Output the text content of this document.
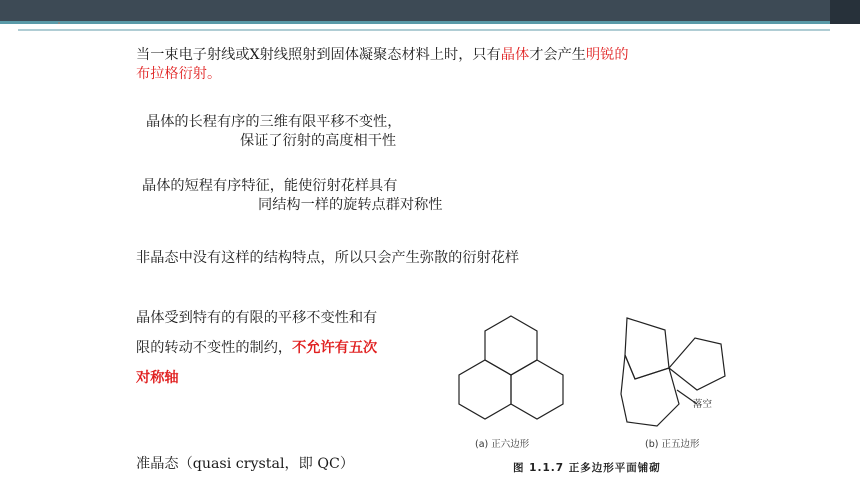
当一束电子射线或X射线照射到固体凝聚态材料上时，只有晶体才会产生明锐的
布拉格衍射。
晶体的长程有序的三维有限平移不变性，
保证了衍射的高度相干性
晶体的短程有序特征，能使衍射花样具有
同结构一样的旋转点群对称性
非晶态中没有这样的结构特点，所以只会产生弥散的衍射花样
晶体受到特有的有限的平移不变性和有
限的转动不变性的制约，不允许有五次
对称轴
准晶态（quasi crystal，即 QC）
落空
(a) 正六边形	(b) 正五边形
图 1.1.7 正多边形平面铺砌
